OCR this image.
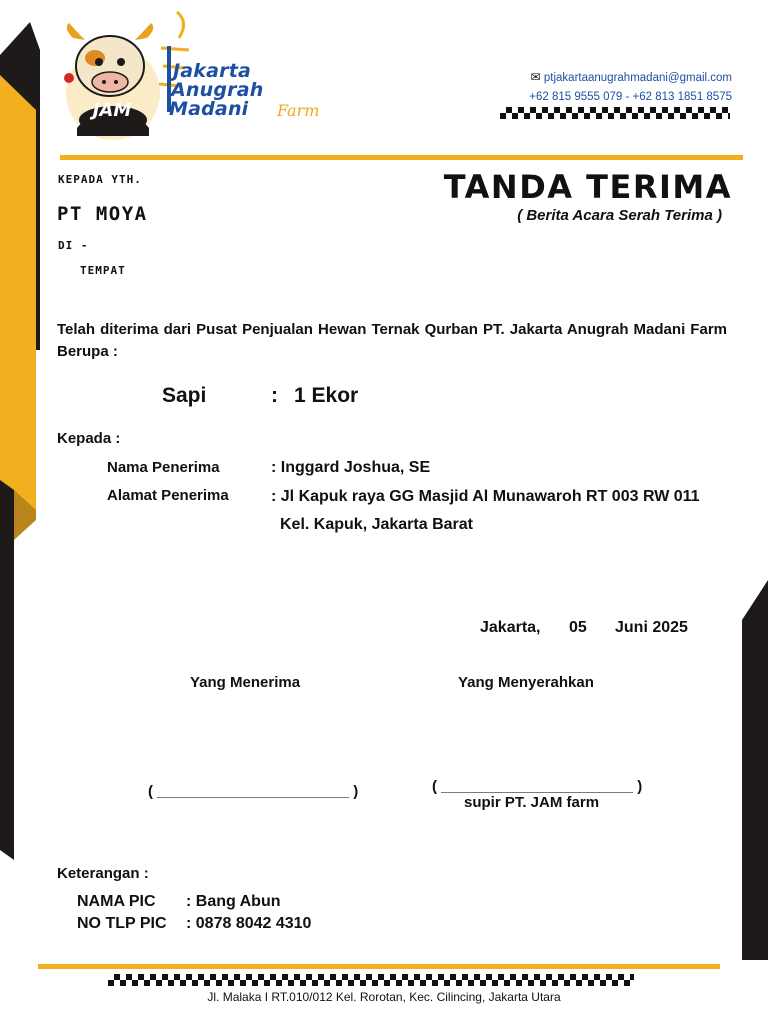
JAM
Jakarta
Anugrah
Madani Farm
✉ ptjakartaanugrahmadani@gmail.com
+62 815 9555 079 - +62 813 1851 8575
KEPADA YTH.
PT MOYA
DI -
TEMPAT
TANDA TERIMA
( Berita Acara Serah Terima )
Telah diterima dari Pusat Penjualan Hewan Ternak Qurban PT. Jakarta Anugrah Madani Farm Berupa :
Sapi	: 1 Ekor
Kepada :
Nama Penerima	: Inggard Joshua, SE
Alamat Penerima	: Jl Kapuk raya GG Masjid Al Munawaroh RT 003 RW 011
Kel. Kapuk, Jakarta Barat
Jakarta, 05 Juni 2025
Yang Menerima	Yang Menyerahkan
( _______________________ )	( _______________________ )
supir PT. JAM farm
Keterangan :
NAMA PIC : Bang Abun
NO TLP PIC : 0878 8042 4310
Jl. Malaka I RT.010/012 Kel. Rorotan, Kec. Cilincing, Jakarta Utara
